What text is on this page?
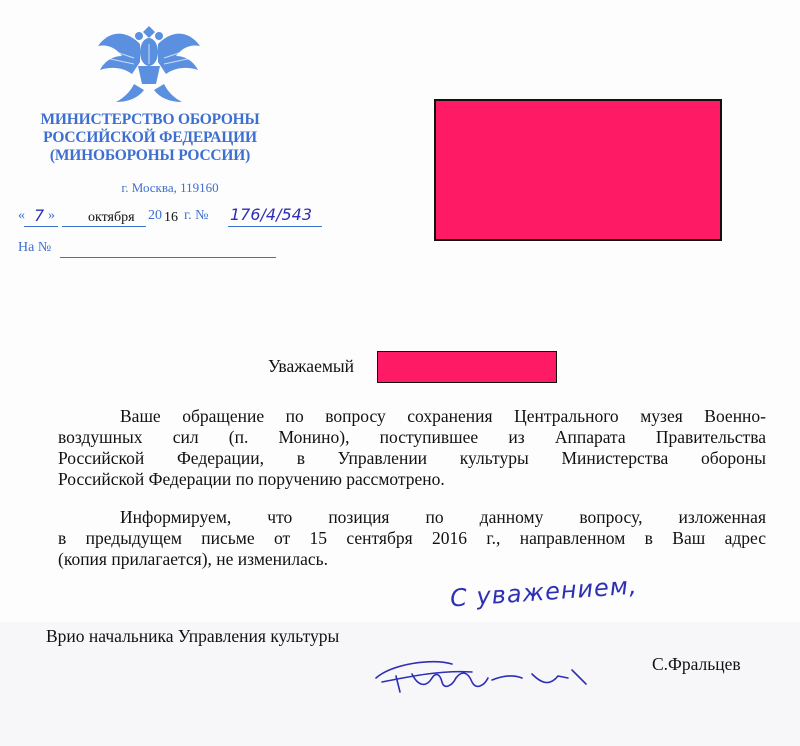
МИНИСТЕРСТВО ОБОРОНЫ
РОССИЙСКОЙ ФЕДЕРАЦИИ
(МИНОБОРОНЫ РОССИИ)
г. Москва, 119160
« 7 » октября 20 16 г. № 176/4/543
На №
Уважаемый
Ваше обращение по вопросу сохранения Центрального музея Военно-
воздушных сил (п. Монино), поступившее из Аппарата Правительства
Российской Федерации, в Управлении культуры Министерства обороны
Российской Федерации по поручению рассмотрено.
Информируем, что позиция по данному вопросу, изложенная
в предыдущем письме от 15 сентября 2016 г., направленном в Ваш адрес
(копия прилагается), не изменилась.
С уважением,
Врио начальника Управления культуры
С.Фральцев
